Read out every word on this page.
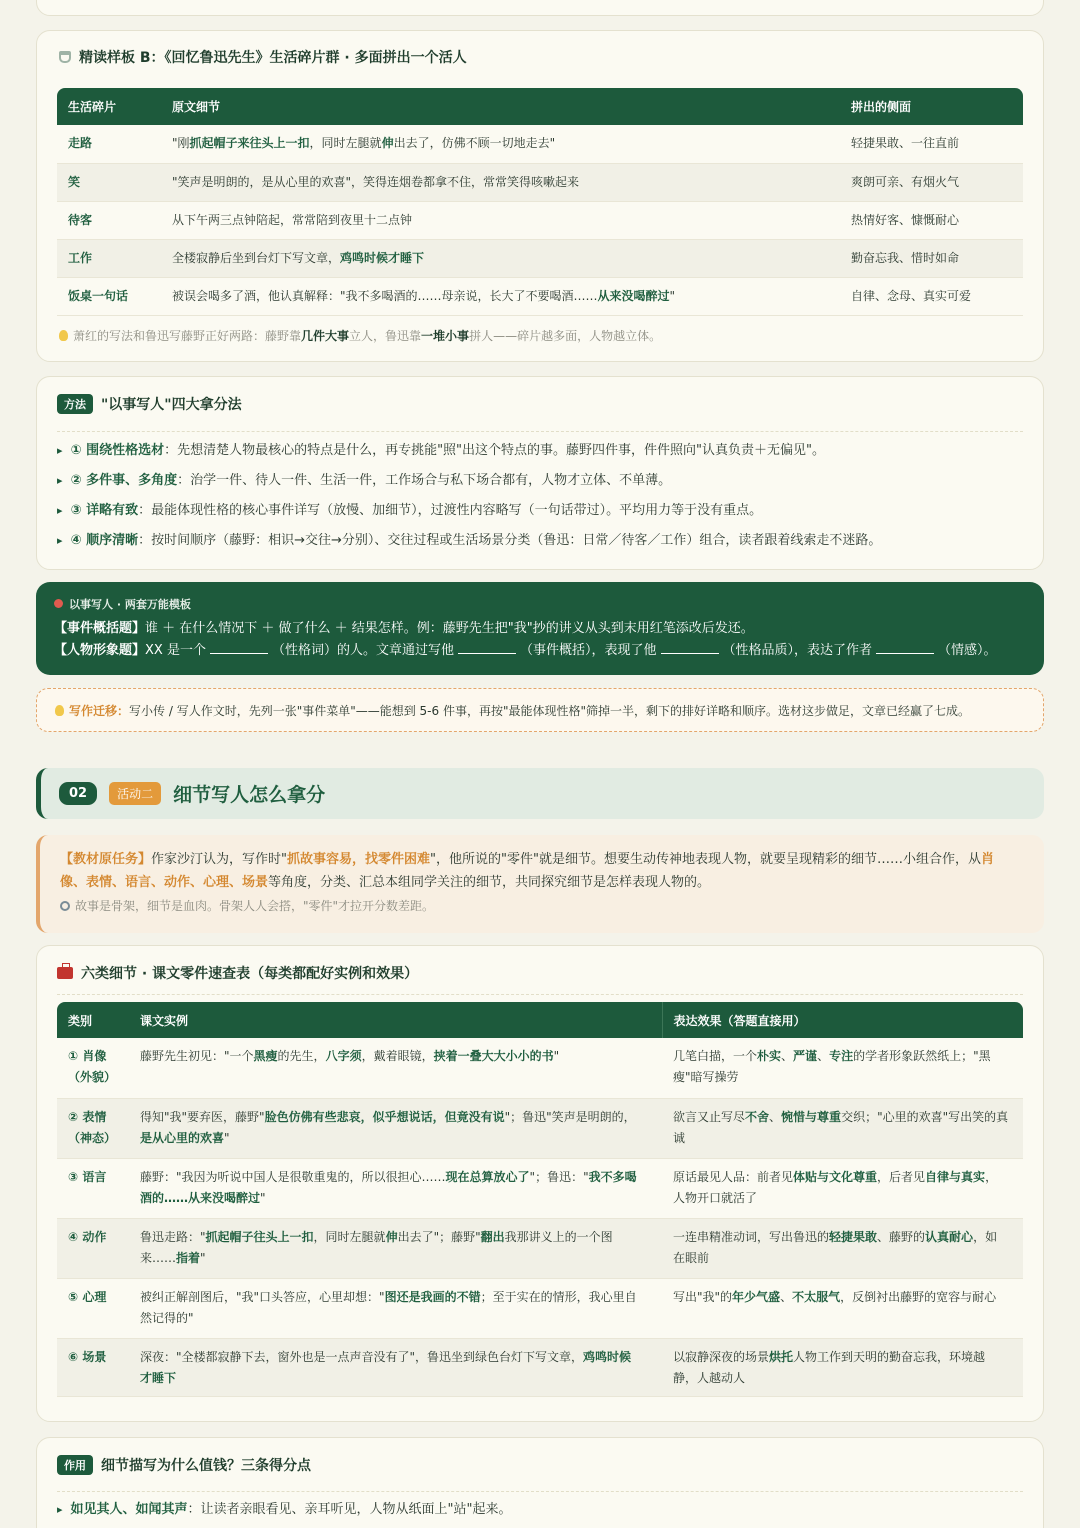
精读样板 B：《回忆鲁迅先生》生活碎片群 · 多面拼出一个活人
生活碎片	原文细节	拼出的侧面
走路	"刚抓起帽子来往头上一扣，同时左腿就伸出去了，仿佛不顾一切地走去"	轻捷果敢、一往直前
笑	"笑声是明朗的，是从心里的欢喜"，笑得连烟卷都拿不住，常常笑得咳嗽起来	爽朗可亲、有烟火气
待客	从下午两三点钟陪起，常常陪到夜里十二点钟	热情好客、慷慨耐心
工作	全楼寂静后坐到台灯下写文章，鸡鸣时候才睡下	勤奋忘我、惜时如命
饭桌一句话	被误会喝多了酒，他认真解释："我不多喝酒的……母亲说，长大了不要喝酒……从来没喝醉过"	自律、念母、真实可爱
萧红的写法和鲁迅写藤野正好两路：藤野靠几件大事立人，鲁迅靠一堆小事拼人——碎片越多面，人物越立体。
方法	"以事写人"四大拿分法
▸ ① 围绕性格选材：先想清楚人物最核心的特点是什么，再专挑能"照"出这个特点的事。藤野四件事，件件照向"认真负责＋无偏见"。
▸ ② 多件事、多角度：治学一件、待人一件、生活一件，工作场合与私下场合都有，人物才立体、不单薄。
▸ ③ 详略有致：最能体现性格的核心事件详写（放慢、加细节），过渡性内容略写（一句话带过）。平均用力等于没有重点。
▸ ④ 顺序清晰：按时间顺序（藤野：相识→交往→分别）、交往过程或生活场景分类（鲁迅：日常／待客／工作）组合，读者跟着线索走不迷路。
以事写人 · 两套万能模板
【事件概括题】谁 ＋ 在什么情况下 ＋ 做了什么 ＋ 结果怎样。例：藤野先生把"我"抄的讲义从头到末用红笔添改后发还。
【人物形象题】XX 是一个	（性格词）的人。文章通过写他	（事件概括），表现了他	（性格品质），表达了作者	（情感）。
写作迁移： 写小传 / 写人作文时，先列一张"事件菜单"——能想到 5-6 件事，再按"最能体现性格"筛掉一半，剩下的排好详略和顺序。选材这步做足，文章已经赢了七成。
02	活动二	细节写人怎么拿分
【教材原任务】作家沙汀认为，写作时"抓故事容易，找零件困难"，他所说的"零件"就是细节。想要生动传神地表现人物，就要呈现精彩的细节……小组合作，从肖
像、表情、语言、动作、心理、场景等角度，分类、汇总本组同学关注的细节，共同探究细节是怎样表现人物的。
故事是骨架，细节是血肉。骨架人人会搭，"零件"才拉开分数差距。
六类细节 · 课文零件速查表（每类都配好实例和效果）
类别	课文实例	表达效果（答题直接用）

① 肖像
（外貌）	藤野先生初见："一个黑瘦的先生，八字须，戴着眼镜，挟着一叠大大小小的书"	几笔白描，一个朴实、严谨、专注的学者形象跃然纸上；"黑瘦"暗写操劳

② 表情
（神态）	得知"我"要弃医，藤野"脸色仿佛有些悲哀，似乎想说话，但竟没有说"；鲁迅"笑声是明朗的，是从心里的欢喜"	欲言又止写尽不舍、惋惜与尊重交织；"心里的欢喜"写出笑的真诚

③ 语言	藤野："我因为听说中国人是很敬重鬼的，所以很担心……现在总算放心了"；鲁迅："我不多喝酒的……从来没喝醉过"	原话最见人品：前者见体贴与文化尊重，后者见自律与真实，人物开口就活了

④ 动作	鲁迅走路："抓起帽子往头上一扣，同时左腿就伸出去了"；藤野"翻出我那讲义上的一个图来……指着"	一连串精准动词，写出鲁迅的轻捷果敢、藤野的认真耐心，如在眼前

⑤ 心理	被纠正解剖图后，"我"口头答应，心里却想："图还是我画的不错；至于实在的情形，我心里自然记得的"	写出"我"的年少气盛、不太服气，反倒衬出藤野的宽容与耐心

⑥ 场景	深夜："全楼都寂静下去，窗外也是一点声音没有了"，鲁迅坐到绿色台灯下写文章，鸡鸣时候才睡下	以寂静深夜的场景烘托人物工作到天明的勤奋忘我，环境越静，人越动人
作用	细节描写为什么值钱？三条得分点
▸ 如见其人、如闻其声：让读者亲眼看见、亲耳听见，人物从纸面上"站"起来。
